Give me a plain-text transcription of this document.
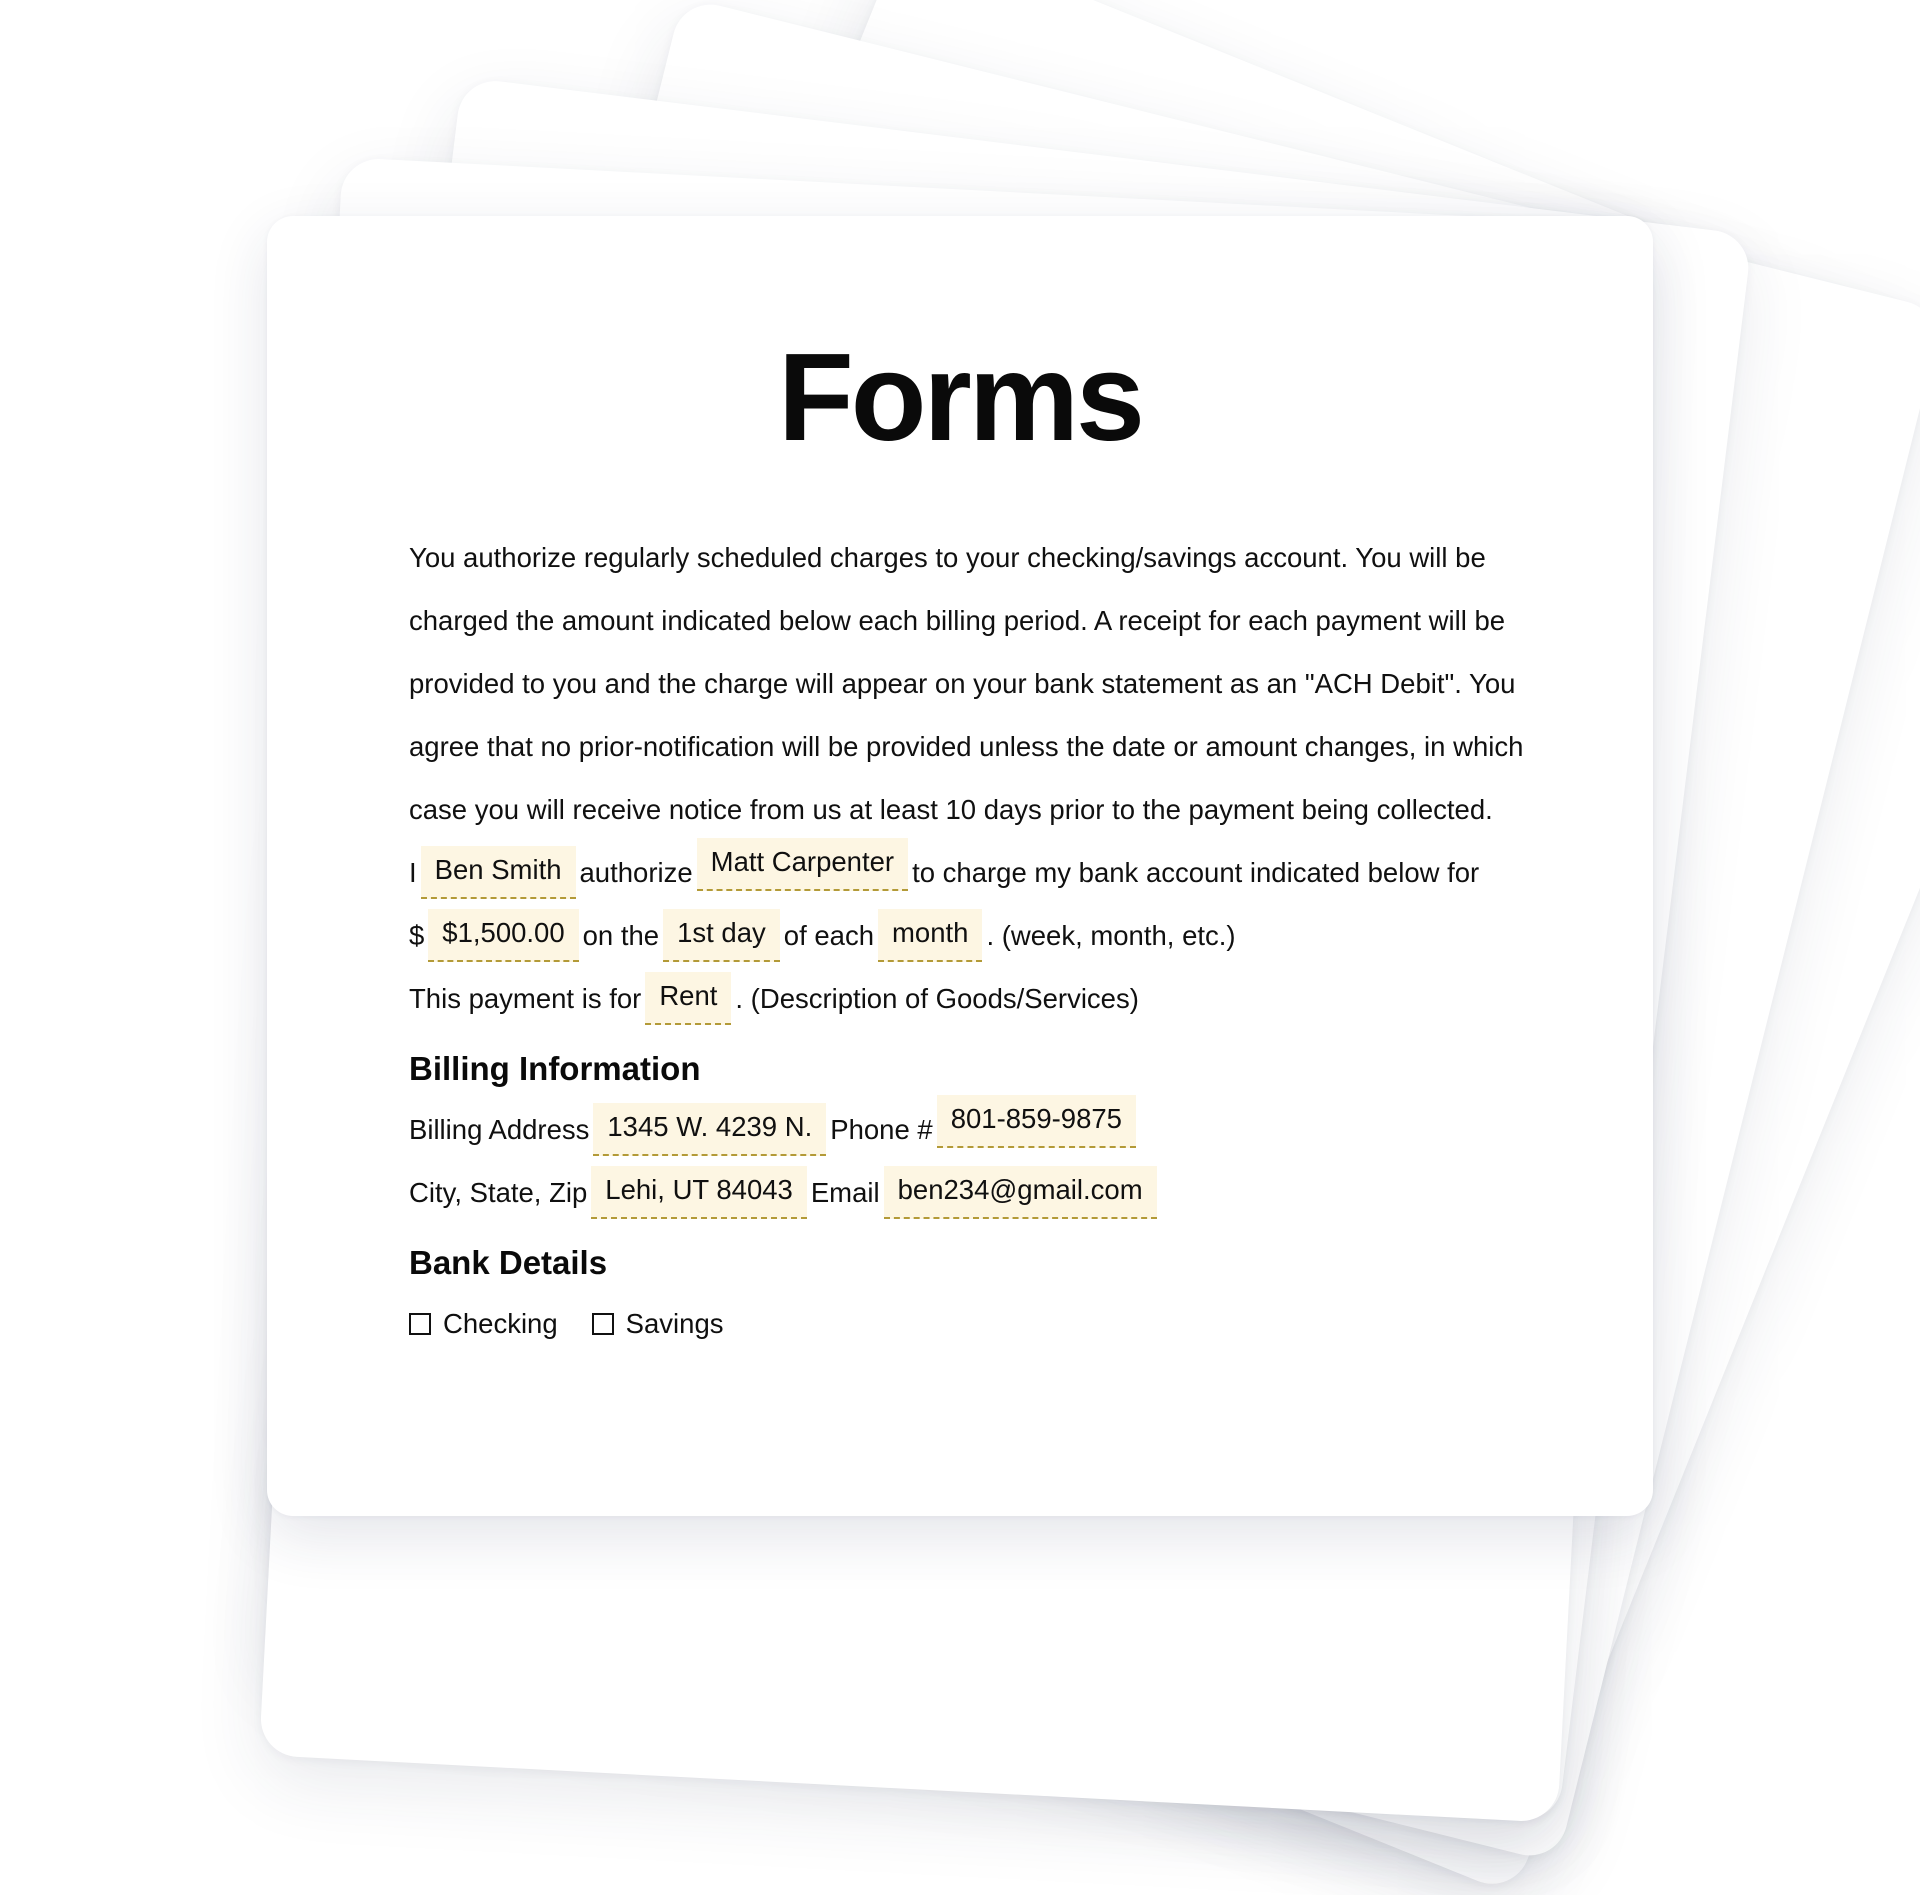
Forms

You authorize regularly scheduled charges to your checking/savings account. You will be charged the amount indicated below each billing period. A receipt for each payment will be provided to you and the charge will appear on your bank statement as an "ACH Debit". You agree that no prior-notification will be provided unless the date or amount changes, in which case you will receive notice from us at least 10 days prior to the payment being collected.

I Ben Smith authorize Matt Carpenter to charge my bank account indicated below for
$ $1,500.00 on the 1st day of each month . (week, month, etc.)
This payment is for Rent . (Description of Goods/Services)
Billing Information
Billing Address 1345 W. 4239 N. Phone # 801-859-9875
City, State, Zip Lehi, UT 84043 Email ben234@gmail.com
Bank Details
Checking Savings
